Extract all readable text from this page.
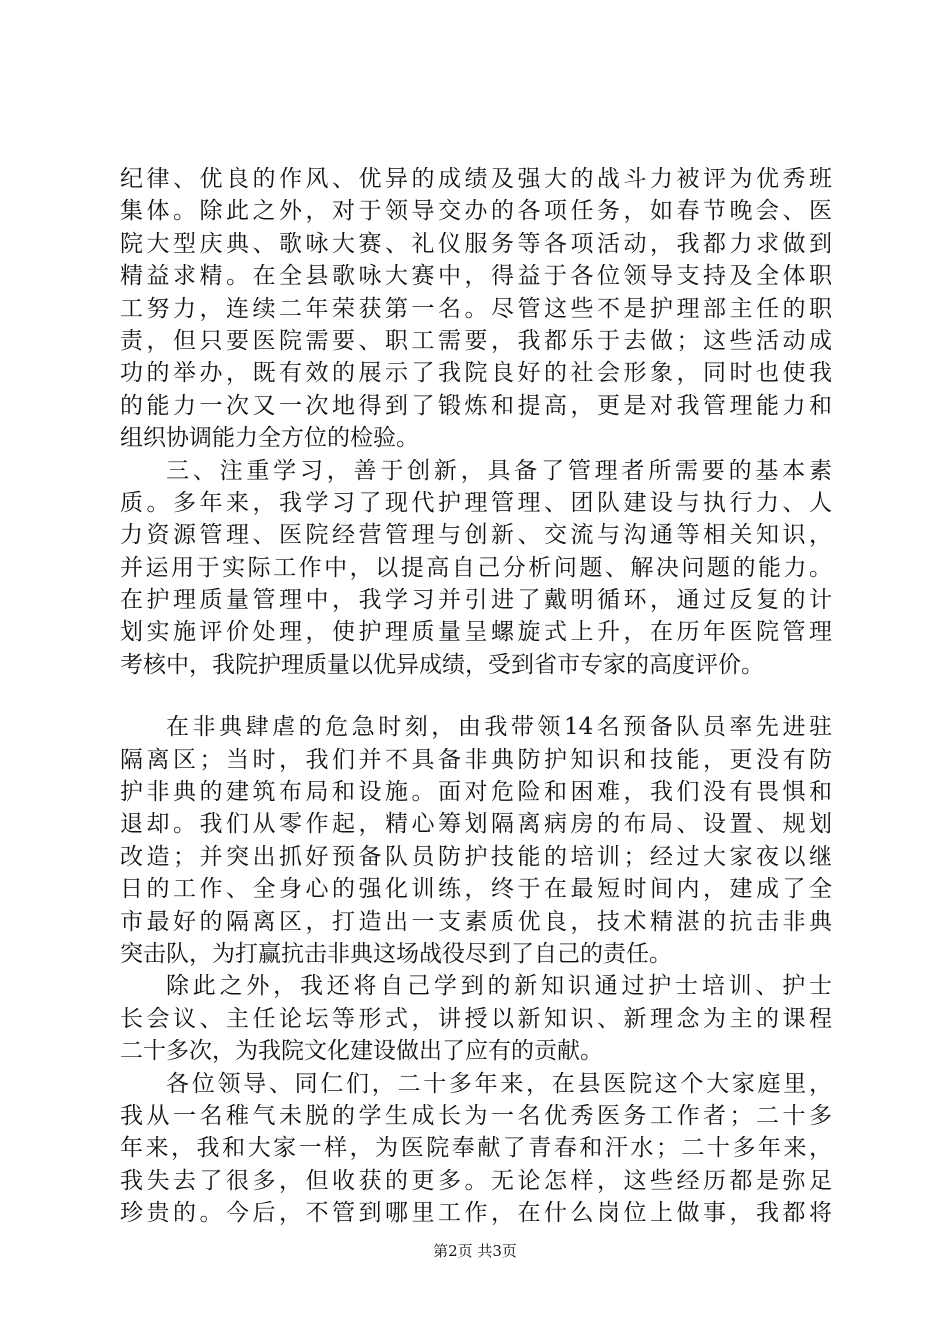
纪律、优良的作风、优异的成绩及强大的战斗力被评为优秀班
集体。除此之外，对于领导交办的各项任务，如春节晚会、医
院大型庆典、歌咏大赛、礼仪服务等各项活动，我都力求做到
精益求精。在全县歌咏大赛中，得益于各位领导支持及全体职
工努力，连续二年荣获第一名。尽管这些不是护理部主任的职
责，但只要医院需要、职工需要，我都乐于去做；这些活动成
功的举办，既有效的展示了我院良好的社会形象，同时也使我
的能力一次又一次地得到了锻炼和提高，更是对我管理能力和
组织协调能力全方位的检验。
三、注重学习，善于创新，具备了管理者所需要的基本素
质。多年来，我学习了现代护理管理、团队建设与执行力、人
力资源管理、医院经营管理与创新、交流与沟通等相关知识，
并运用于实际工作中，以提高自己分析问题、解决问题的能力。
在护理质量管理中，我学习并引进了戴明循环，通过反复的计
划实施评价处理，使护理质量呈螺旋式上升，在历年医院管理
考核中，我院护理质量以优异成绩，受到省市专家的高度评价。
在非典肆虐的危急时刻，由我带领14名预备队员率先进驻
隔离区；当时，我们并不具备非典防护知识和技能，更没有防
护非典的建筑布局和设施。面对危险和困难，我们没有畏惧和
退却。我们从零作起，精心筹划隔离病房的布局、设置、规划
改造；并突出抓好预备队员防护技能的培训；经过大家夜以继
日的工作、全身心的强化训练，终于在最短时间内，建成了全
市最好的隔离区，打造出一支素质优良，技术精湛的抗击非典
突击队，为打赢抗击非典这场战役尽到了自己的责任。
除此之外，我还将自己学到的新知识通过护士培训、护士
长会议、主任论坛等形式，讲授以新知识、新理念为主的课程
二十多次，为我院文化建设做出了应有的贡献。
各位领导、同仁们，二十多年来，在县医院这个大家庭里，
我从一名稚气未脱的学生成长为一名优秀医务工作者；二十多
年来，我和大家一样，为医院奉献了青春和汗水；二十多年来，
我失去了很多，但收获的更多。无论怎样，这些经历都是弥足
珍贵的。今后，不管到哪里工作，在什么岗位上做事，我都将
第2页 共3页
